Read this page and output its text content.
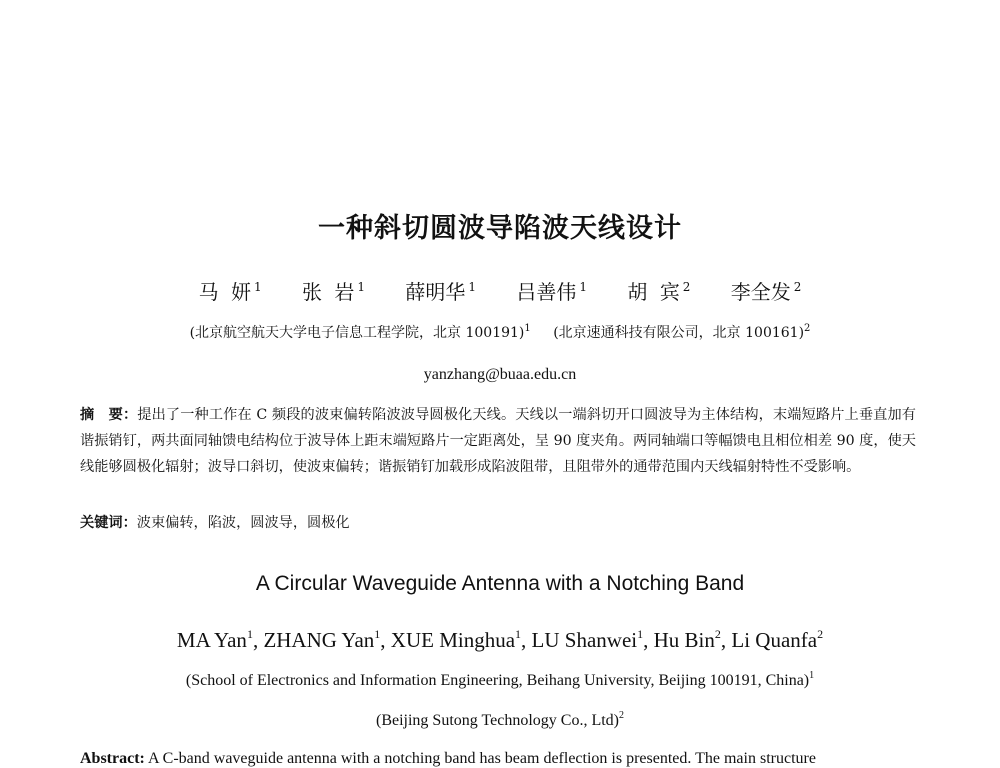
一种斜切圆波导陷波天线设计
马 妍 $^1$ 张 岩 $^1$ 薛明华 $^1$ 吕善伟 $^1$ 胡 宾 $^2$ 李全发 $^2$
(北京航空航天大学电子信息工程学院，北京 100191)$^1$ (北京速通科技有限公司，北京 100161)$^2$
yanzhang@buaa.edu.cn
摘　要：提出了一种工作在 C 频段的波束偏转陷波波导圆极化天线。天线以一端斜切开口圆波导为主体结构，末端短路片上垂直加有谐振销钉，两共面同轴馈电结构位于波导体上距末端短路片一定距离处，呈 90 度夹角。两同轴端口等幅馈电且相位相差 90 度，使天线能够圆极化辐射；波导口斜切，使波束偏转；谐振销钉加载形成陷波阻带，且阻带外的通带范围内天线辐射特性不受影响。
关键词：波束偏转，陷波，圆波导，圆极化
A Circular Waveguide Antenna with a Notching Band
MA Yan$^1$, ZHANG Yan$^1$, XUE Minghua$^1$, LU Shanwei$^1$, Hu Bin$^2$, Li Quanfa$^2$
(School of Electronics and Information Engineering, Beihang University, Beijing 100191, China)$^1$
(Beijing Sutong Technology Co., Ltd)$^2$
Abstract: A C-band waveguide antenna with a notching band has beam deflection is presented. The main structure
